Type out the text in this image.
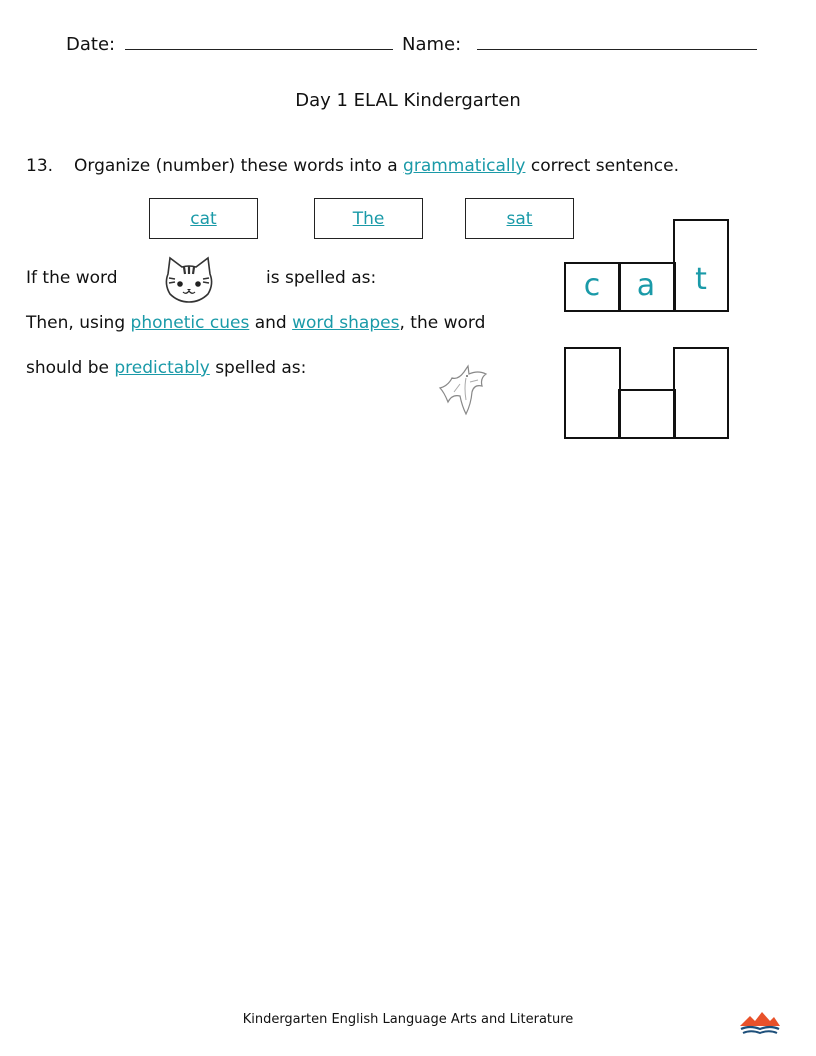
Date:	Name:
Day 1 ELAL Kindergarten
13. Organize (number) these words into a grammatically correct sentence.
cat	The	sat
If the word	is spelled as:
Then, using phonetic cues and word shapes, the word
should be predictably spelled as:
c	a	t
Kindergarten English Language Arts and Literature
